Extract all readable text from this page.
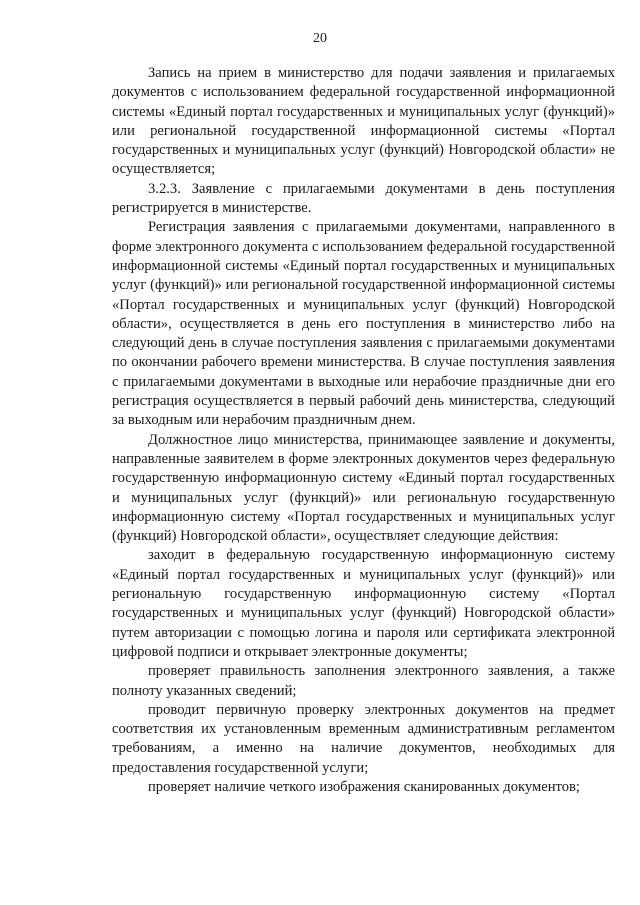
20

Запись на прием в министерство для подачи заявления и прилагаемых документов с использованием федеральной государственной информационной системы «Единый портал государственных и муниципальных услуг (функций)» или региональной государственной информационной системы «Портал государственных и муниципальных услуг (функций) Новгородской области» не осуществляется;

3.2.3. Заявление с прилагаемыми документами в день поступления регистрируется в министерстве.

Регистрация заявления с прилагаемыми документами, направленного в форме электронного документа с использованием федеральной государственной информационной системы «Единый портал государственных и муниципальных услуг (функций)» или региональной государственной информационной системы «Портал государственных и муниципальных услуг (функций) Новгородской области», осуществляется в день его поступления в министерство либо на следующий день в случае поступления заявления с прилагаемыми документами по окончании рабочего времени министерства. В случае поступления заявления с прилагаемыми документами в выходные или нерабочие праздничные дни его регистрация осуществляется в первый рабочий день министерства, следующий за выходным или нерабочим праздничным днем.

Должностное лицо министерства, принимающее заявление и документы, направленные заявителем в форме электронных документов через федеральную государственную информационную систему «Единый портал государственных и муниципальных услуг (функций)» или региональную государственную информационную систему «Портал государственных и муниципальных услуг (функций) Новгородской области», осуществляет следующие действия:

заходит в федеральную государственную информационную систему «Единый портал государственных и муниципальных услуг (функций)» или региональную государственную информационную систему «Портал государственных и муниципальных услуг (функций) Новгородской области» путем авторизации с помощью логина и пароля или сертификата электронной цифровой подписи и открывает электронные документы;

проверяет правильность заполнения электронного заявления, а также полноту указанных сведений;

проводит первичную проверку электронных документов на предмет соответствия их установленным временным административным регламентом требованиям, а именно на наличие документов, необходимых для предоставления государственной услуги;

проверяет наличие четкого изображения сканированных документов;
